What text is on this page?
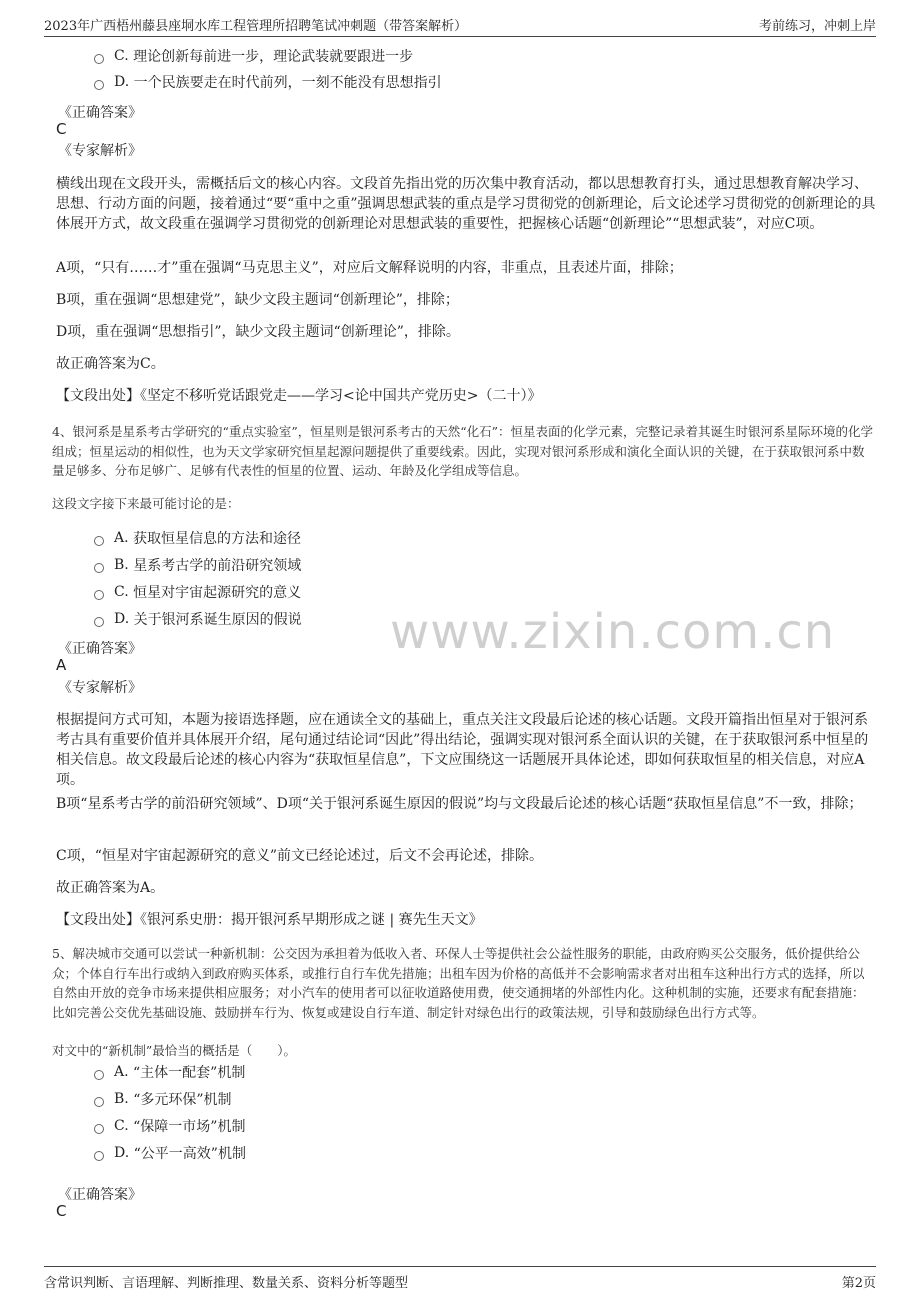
2023年广西梧州藤县座垌水库工程管理所招聘笔试冲刺题（带答案解析）	考前练习，冲刺上岸
www.zixin.com.cn
C.
理论创新每前进一步，理论武装就要跟进一步
D.
一个民族要走在时代前列，一刻不能没有思想指引
《正确答案》
C
《专家解析》
横线出现在文段开头，需概括后文的核心内容。文段首先指出党的历次集中教育活动，都以思想教育打头，通过思想教育解决学习、思想、行动方面的问题，接着通过“要“重中之重”强调思想武装的重点是学习贯彻党的创新理论，后文论述学习贯彻党的创新理论的具体展开方式，故文段重在强调学习贯彻党的创新理论对思想武装的重要性，把握核心话题“创新理论”“思想武装”，对应C项。
A项，“只有……才”重在强调“马克思主义”，对应后文解释说明的内容，非重点，且表述片面，排除；
B项，重在强调“思想建党”，缺少文段主题词“创新理论”，排除；
D项，重在强调“思想指引”，缺少文段主题词“创新理论”，排除。
故正确答案为C。
【文段出处】《坚定不移听党话跟党走——学习<论中国共产党历史>（二十）》
4、银河系是星系考古学研究的“重点实验室”，恒星则是银河系考古的天然“化石”：恒星表面的化学元素，完整记录着其诞生时银河系星际环境的化学组成；恒星运动的相似性，也为天文学家研究恒星起源问题提供了重要线索。因此，实现对银河系形成和演化全面认识的关键，在于获取银河系中数量足够多、分布足够广、足够有代表性的恒星的位置、运动、年龄及化学组成等信息。
这段文字接下来最可能讨论的是：
A.
获取恒星信息的方法和途径
B.
星系考古学的前沿研究领域
C.
恒星对宇宙起源研究的意义
D.
关于银河系诞生原因的假说
《正确答案》
A
《专家解析》
根据提问方式可知，本题为接语选择题，应在通读全文的基础上，重点关注文段最后论述的核心话题。文段开篇指出恒星对于银河系考古具有重要价值并具体展开介绍，尾句通过结论词“因此”得出结论，强调实现对银河系全面认识的关键，在于获取银河系中恒星的相关信息。故文段最后论述的核心内容为“获取恒星信息”，下文应围绕这一话题展开具体论述，即如何获取恒星的相关信息，对应A项。
B项“星系考古学的前沿研究领域”、D项“关于银河系诞生原因的假说”均与文段最后论述的核心话题“获取恒星信息”不一致，排除；
C项，“恒星对宇宙起源研究的意义”前文已经论述过，后文不会再论述，排除。
故正确答案为A。
【文段出处】《银河系史册：揭开银河系早期形成之谜 | 赛先生天文》
5、解决城市交通可以尝试一种新机制：公交因为承担着为低收入者、环保人士等提供社会公益性服务的职能，由政府购买公交服务，低价提供给公众；个体自行车出行或纳入到政府购买体系，或推行自行车优先措施；出租车因为价格的高低并不会影响需求者对出租车这种出行方式的选择，所以自然由开放的竞争市场来提供相应服务；对小汽车的使用者可以征收道路使用费，使交通拥堵的外部性内化。这种机制的实施，还要求有配套措施：比如完善公交优先基础设施、鼓励拼车行为、恢复或建设自行车道、制定针对绿色出行的政策法规，引导和鼓励绿色出行方式等。
对文中的“新机制”最恰当的概括是（　　）。
A.
“主体一配套”机制
B.
“多元环保”机制
C.
“保障一市场”机制
D.
“公平一高效”机制
《正确答案》
C
含常识判断、言语理解、判断推理、数量关系、资料分析等题型	第2页
